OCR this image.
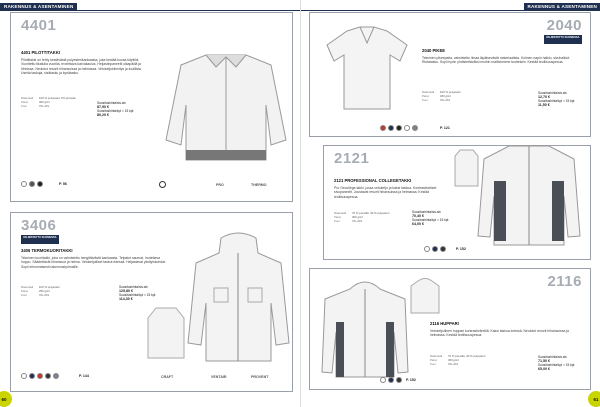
RAKENNUS & ASENTAMINEN
4401
4401 PILOTTITAKKI
Pilottitakki on tehty kestävästä polyesterikankaasta, joka kestää kovaa käyttöä. Vuoritettu tikatulla vuorilla, irrotettava karvakaulus. Heijastinpaneelit olkapäillä ja hihoissa. Neulotut resorit hihansuissa ja helmassa. Vetoketjukiinnitys ja tuulilista. Useita taskuja, sisätasku ja kynätasku.
Materiaali	100 % polyesteri, PU-pinnoite
Paino	300 g/m²
Koot	XS–4XL
Suositushinta/sis.alv
87,90 €
Suositushinta/kpl > 15 kpl:
80,20 €
P. 56	PRO	THERMO
3406
VALMISTETTU SUOMESSA
3406 TERMOKUORITAKKI
Tekninen kuoritakki, joka on valmistettu hengittävästä kankaasta. Teipatut saumat, irrotettava huppu. Säädettävät hihansuut ja helma. Vetoketjulliset taskut edessä. Heijastavat yksityiskohdat. Sopii erinomaisesti rakennustyömaille.
Materiaali	100 % polyesteri
Paino	250 g/m²
Koot	XS–4XL
Suositushinta/sis.alv
125,80 €
Suositushinta/kpl > 15 kpl:
114,30 €
P. 144	CRAFT	VENTAIR	PROVENT
60
RAKENNUS & ASENTAMINEN
2040
VALMISTETTU SUOMESSA
2040 PIKEE
Tekninen pikeepaita, valmistettu ilmaa läpäisevästä materiaalista. Kolmen napin halkio, sivuhalkiot. Rintatasku. Sopii hyvin yhdistettäväksi muihin mallistomme tuotteisiin. Kestää teollisuuspesua.
Materiaali	100 % polyesteri
Paino	180 g/m²
Koot	XS–4XL
Suositushinta/sis.alv
12,70 €
Suositushinta/kpl > 15 kpl:
11,50 €
P. 121
2121
2121 PROFESSIONAL COLLEGETAKKI
Pro Gecollege-takki, jossa vetoketju ja kaksi taskua. Kontrastiväriset sivupaneelit. Joustavat resorit hihansuissa ja helmassa. Kestää teollisuuspesua.
Materiaali	70 % puuvilla, 30 % polyesteri
Paino	300 g/m²
Koot	XS–4XL
Suositushinta/sis.alv
70,40 €
Suositushinta/kpl > 15 kpl:
64,00 €
P. 152
2116
2116 HUPPARI
Vetoketjullinen huppari kontrastiväreillä. Kaksi taskua edessä. Neulotut resorit hihansuissa ja helmassa. Kestää teollisuuspesua.
Materiaali	70 % puuvilla, 30 % polyesteri
Paino	300 g/m²
Koot	XS–4XL
Suositushinta/sis.alv
71,50 €
Suositushinta/kpl > 15 kpl:
65,00 €
P. 152
61
